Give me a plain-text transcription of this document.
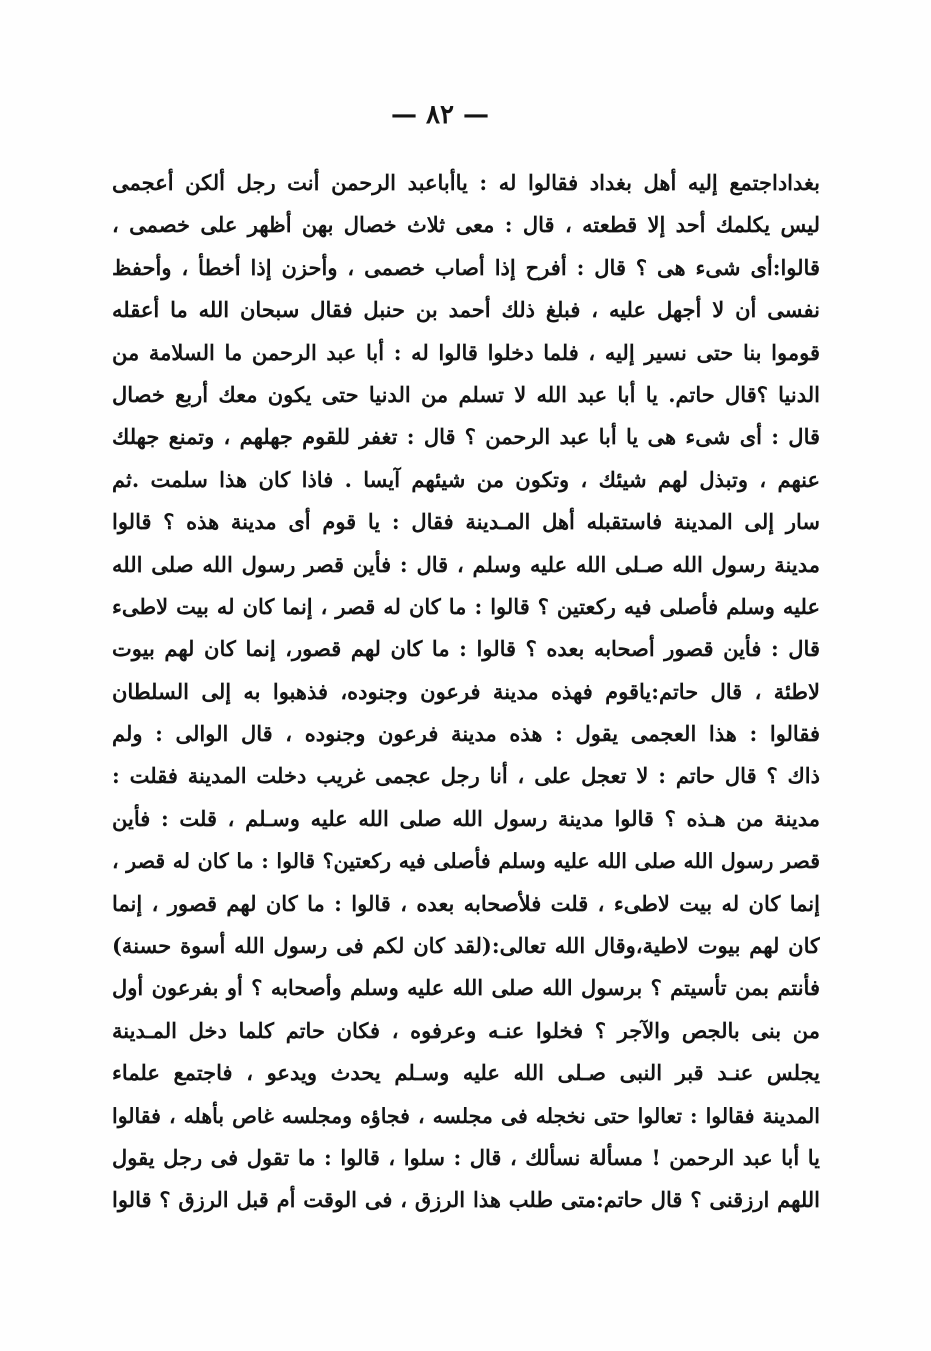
— ٨٢ —
بغداداجتمع إليه أهل بغداد فقالوا له : ياأباعبد الرحمن أنت رجل ألكن أعجمى
ليس يكلمك أحد إلا قطعته ، قال : معى ثلاث خصال بهن أظهر على خصمى ،
قالوا:أى شىء هى ؟ قال : أفرح إذا أصاب خصمى ، وأحزن إذا أخطأ ، وأحفظ
نفسى أن لا أجهل عليه ، فبلغ ذلك أحمد بن حنبل فقال سبحان الله ما أعقله
قوموا بنا حتى نسير إليه ، فلما دخلوا قالوا له : أبا عبد الرحمن ما السلامة من
الدنيا ؟قال حاتم. يا أبا عبد الله لا تسلم من الدنيا حتى يكون معك أربع خصال
قال : أى شىء هى يا أبا عبد الرحمن ؟ قال : تغفر للقوم جهلهم ، وتمنع جهلك
عنهم ، وتبذل لهم شيئك ، وتكون من شيئهم آيسا . فاذا كان هذا سلمت .ثم
سار إلى المدينة فاستقبله أهل المـدينة فقال : يا قوم أى مدينة هذه ؟ قالوا
مدينة رسول الله صـلى الله عليه وسلم ، قال : فأين قصر رسول الله صلى الله
عليه وسلم فأصلى فيه ركعتين ؟ قالوا : ما كان له قصر ، إنما كان له بيت لاطىء
قال : فأين قصور أصحابه بعده ؟ قالوا : ما كان لهم قصور، إنما كان لهم بيوت
لاطئة ، قال حاتم:ياقوم فهذه مدينة فرعون وجنوده، فذهبوا به إلى السلطان
فقالوا : هذا العجمى يقول : هذه مدينة فرعون وجنوده ، قال الوالى : ولم
ذاك ؟ قال حاتم : لا تعجل على ، أنا رجل عجمى غريب دخلت المدينة فقلت :
مدينة من هـذه ؟ قالوا مدينة رسول الله صلى الله عليه وسـلم ، قلت : فأين
قصر رسول الله صلى الله عليه وسلم فأصلى فيه ركعتين؟ قالوا : ما كان له قصر ،
إنما كان له بيت لاطىء ، قلت فلأصحابه بعده ، قالوا : ما كان لهم قصور ، إنما
كان لهم بيوت لاطية،وقال الله تعالى:(لقد كان لكم فى رسول الله أسوة حسنة)
فأنتم بمن تأسيتم ؟ برسول الله صلى الله عليه وسلم وأصحابه ؟ أو بفرعون أول
من بنى بالجص والآجر ؟ فخلوا عنـه وعرفوه ، فكان حاتم كلما دخل المـدينة
يجلس عنـد قبر النبى صـلى الله عليه وسـلم يحدث ويدعو ، فاجتمع علماء
المدينة فقالوا : تعالوا حتى نخجله فى مجلسه ، فجاؤه ومجلسه غاص بأهله ، فقالوا
يا أبا عبد الرحمن ! مسألة نسألك ، قال : سلوا ، قالوا : ما تقول فى رجل يقول
اللهم ارزقنى ؟ قال حاتم:متى طلب هذا الرزق ، فى الوقت أم قبل الرزق ؟ قالوا
